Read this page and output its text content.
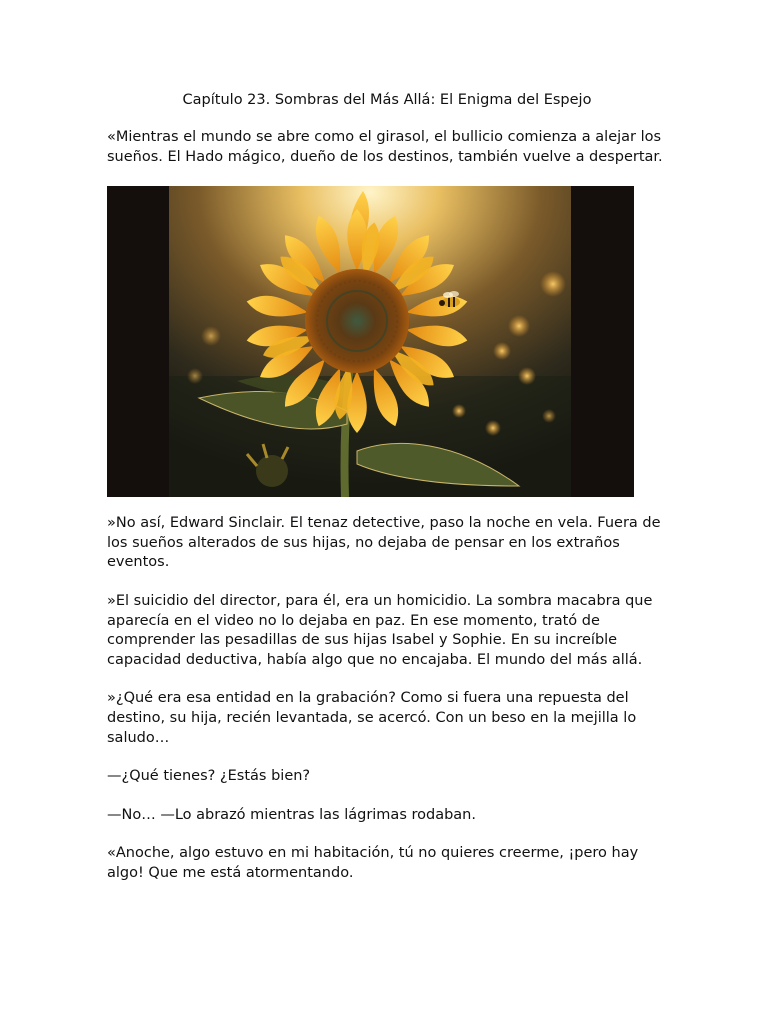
Capítulo 23. Sombras del Más Allá: El Enigma del Espejo

«Mientras el mundo se abre como el girasol, el bullicio comienza a alejar los sueños. El Hado mágico, dueño de los destinos, también vuelve a despertar.

»No así, Edward Sinclair. El tenaz detective, paso la noche en vela. Fuera de los sueños alterados de sus hijas, no dejaba de pensar en los extraños eventos.

»El suicidio del director, para él, era un homicidio. La sombra macabra que aparecía en el video no lo dejaba en paz. En ese momento, trató de comprender las pesadillas de sus hijas Isabel y Sophie. En su increíble capacidad deductiva, había algo que no encajaba. El mundo del más allá.

»¿Qué era esa entidad en la grabación? Como si fuera una repuesta del destino, su hija, recién levantada, se acercó. Con un beso en la mejilla lo saludo…

—¿Qué tienes? ¿Estás bien?

—No… —Lo abrazó mientras las lágrimas rodaban.

«Anoche, algo estuvo en mi habitación, tú no quieres creerme, ¡pero hay algo! Que me está atormentando.
